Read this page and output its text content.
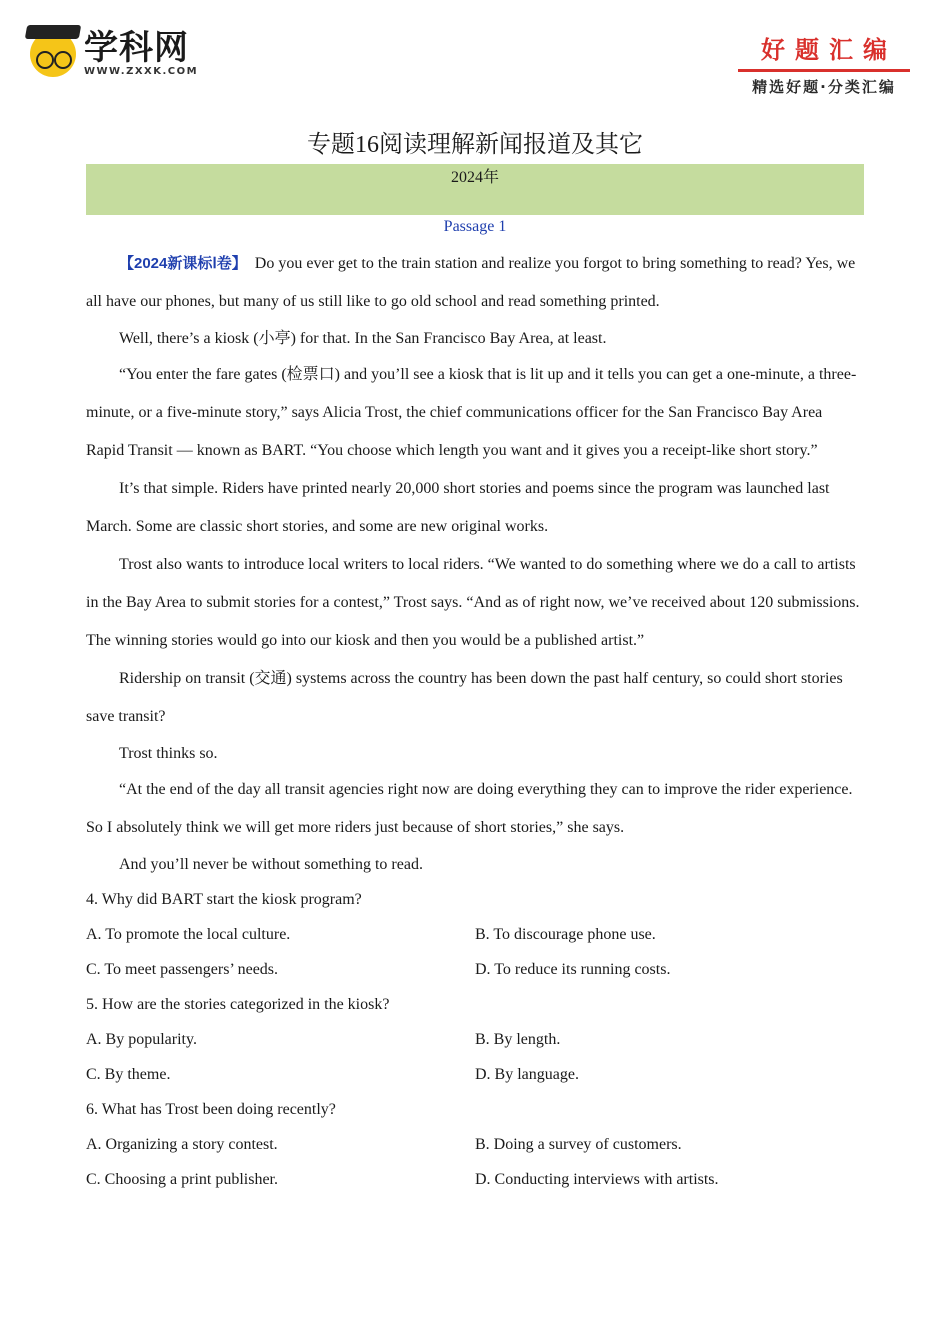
学科网
WWW.ZXXK.COM
好题汇编
精选好题·分类汇编
专题16阅读理解新闻报道及其它
2024年
Passage 1

【2024新课标Ⅰ卷】 Do you ever get to the train station and realize you forgot to bring something to read? Yes, we all have our phones, but many of us still like to go old school and read something printed.

Well, there’s a kiosk (小亭) for that. In the San Francisco Bay Area, at least.

“You enter the fare gates (检票口) and you’ll see a kiosk that is lit up and it tells you can get a one-minute, a three-minute, or a five-minute story,” says Alicia Trost, the chief communications officer for the San Francisco Bay Area Rapid Transit — known as BART. “You choose which length you want and it gives you a receipt-like short story.”

It’s that simple. Riders have printed nearly 20,000 short stories and poems since the program was launched last March. Some are classic short stories, and some are new original works.

Trost also wants to introduce local writers to local riders. “We wanted to do something where we do a call to artists in the Bay Area to submit stories for a contest,” Trost says. “And as of right now, we’ve received about 120 submissions. The winning stories would go into our kiosk and then you would be a published artist.”

Ridership on transit (交通) systems across the country has been down the past half century, so could short stories save transit?

Trost thinks so.

“At the end of the day all transit agencies right now are doing everything they can to improve the rider experience. So I absolutely think we will get more riders just because of short stories,” she says.

And you’ll never be without something to read.

4. Why did BART start the kiosk program?
A. To promote the local culture.	B. To discourage phone use.
C. To meet passengers’ needs.	D. To reduce its running costs.
5. How are the stories categorized in the kiosk?
A. By popularity.	B. By length.
C. By theme.	D. By language.
6. What has Trost been doing recently?
A. Organizing a story contest.	B. Doing a survey of customers.
C. Choosing a print publisher.	D. Conducting interviews with artists.
